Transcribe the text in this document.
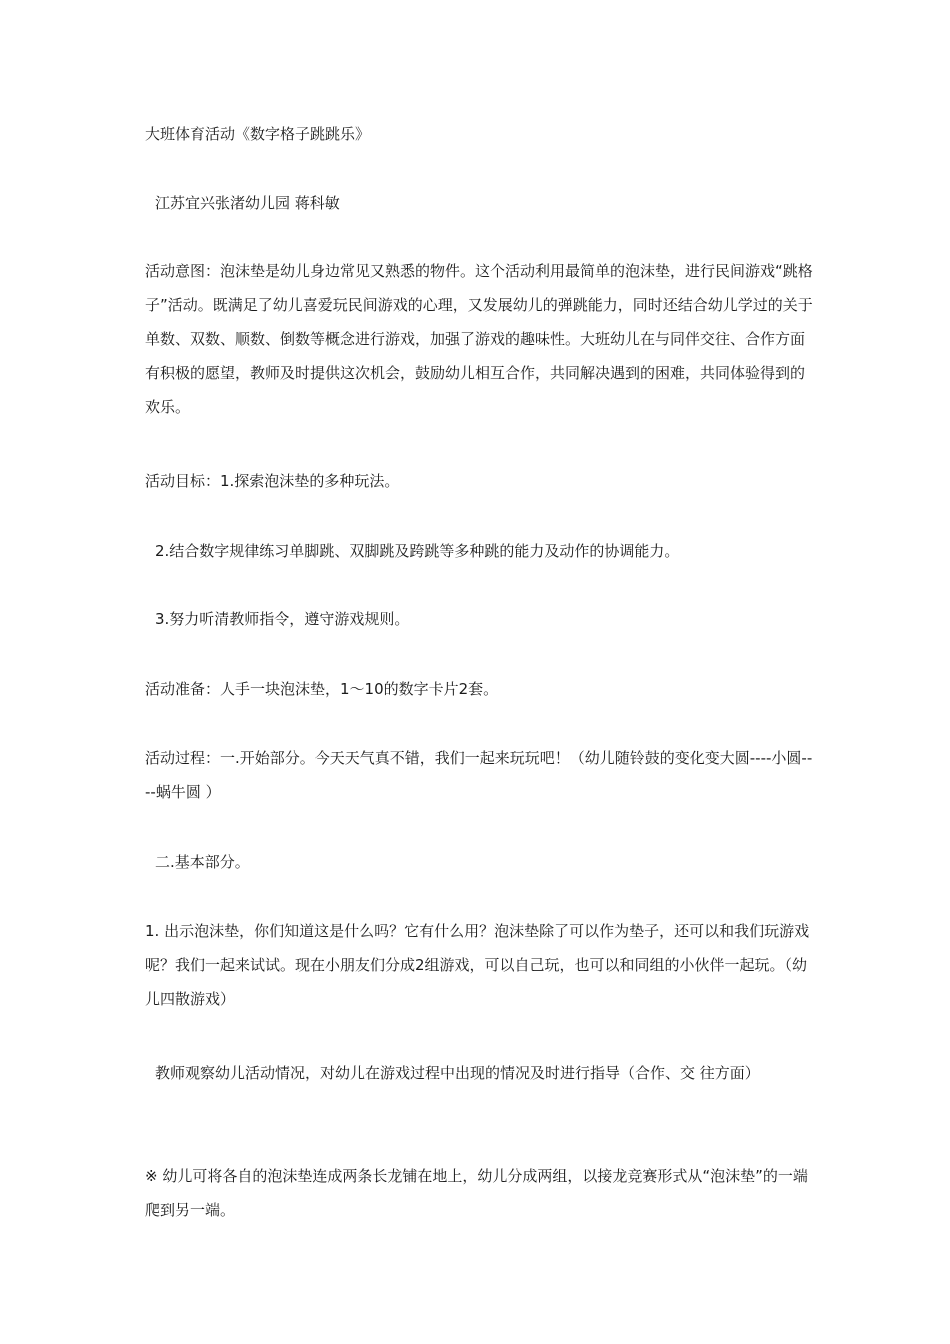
大班体育活动《数字格子跳跳乐》

江苏宜兴张渚幼儿园 蒋科敏

活动意图：泡沫垫是幼儿身边常见又熟悉的物件。这个活动利用最简单的泡沫垫，进行民间游戏“跳格子”活动。既满足了幼儿喜爱玩民间游戏的心理，又发展幼儿的弹跳能力，同时还结合幼儿学过的关于单数、双数、顺数、倒数等概念进行游戏，加强了游戏的趣味性。大班幼儿在与同伴交往、合作方面有积极的愿望，教师及时提供这次机会，鼓励幼儿相互合作，共同解决遇到的困难，共同体验得到的欢乐。

活动目标：1.探索泡沫垫的多种玩法。

2.结合数字规律练习单脚跳、双脚跳及跨跳等多种跳的能力及动作的协调能力。

3.努力听清教师指令，遵守游戏规则。

活动准备：人手一块泡沫垫，1～10的数字卡片2套。

活动过程：一.开始部分。今天天气真不错，我们一起来玩玩吧！（幼儿随铃鼓的变化变大圆----小圆----蜗牛圆 ）

二.基本部分。

1. 出示泡沫垫，你们知道这是什么吗？它有什么用？泡沫垫除了可以作为垫子，还可以和我们玩游戏呢？我们一起来试试。现在小朋友们分成2组游戏，可以自己玩，也可以和同组的小伙伴一起玩。（幼儿四散游戏）

教师观察幼儿活动情况，对幼儿在游戏过程中出现的情况及时进行指导（合作、交 往方面）

※ 幼儿可将各自的泡沫垫连成两条长龙铺在地上，幼儿分成两组，以接龙竞赛形式从“泡沫垫”的一端爬到另一端。
